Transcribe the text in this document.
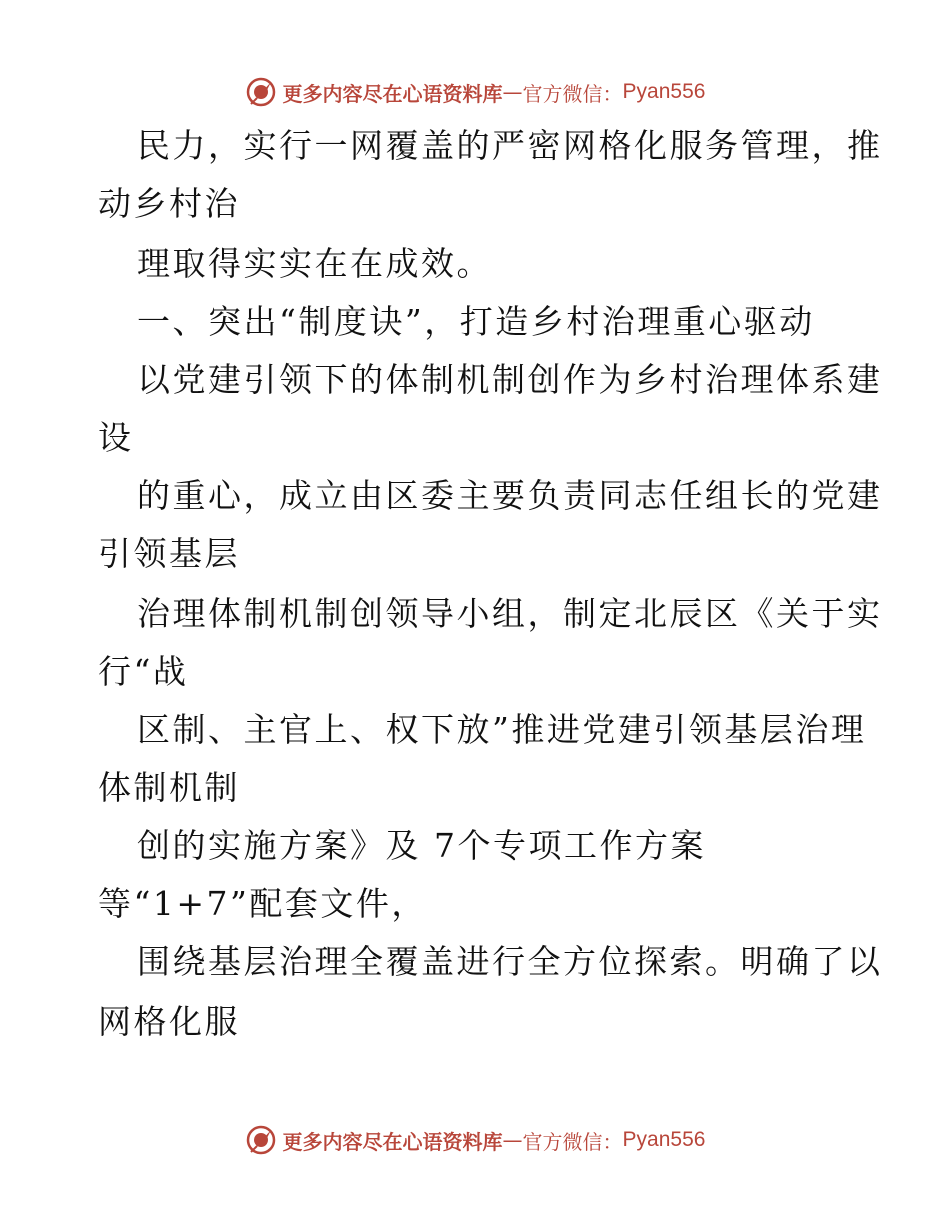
更多内容尽在心语资料库 — 官方微信： Pyan556
民力，实行一网覆盖的严密网格化服务管理，推
动乡村治
理取得实实在在成效。
一、突出“制度诀”，打造乡村治理重心驱动
以党建引领下的体制机制创作为乡村治理体系建
设
的重心，成立由区委主要负责同志任组长的党建
引领基层
治理体制机制创领导小组，制定北辰区《关于实
行“战
区制、主官上、权下放”推进党建引领基层治理
体制机制
创的实施方案》及 7个专项工作方案
等“1+7”配套文件，
围绕基层治理全覆盖进行全方位探索。明确了以
网格化服
更多内容尽在心语资料库 — 官方微信： Pyan556
